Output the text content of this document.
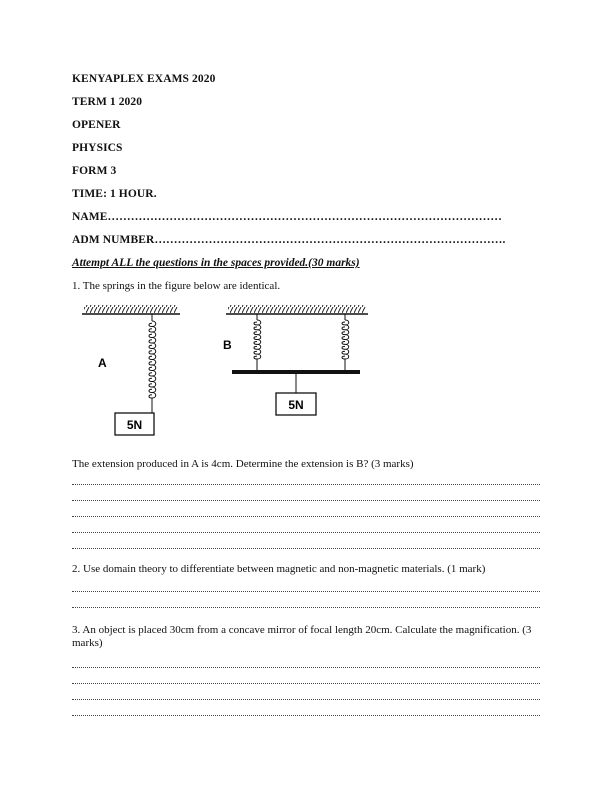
KENYAPLEX EXAMS 2020
TERM 1 2020
OPENER
PHYSICS
FORM 3
TIME: 1 HOUR.
NAME…………………………………………………………………………………………
ADM NUMBER……………………………………………………………………………….
Attempt ALL the questions in the spaces provided.(30 marks)
1. The springs in the figure below are identical.
5N
A
5N
B
The extension produced in A is 4cm. Determine the extension is B? (3 marks)
2. Use domain theory to differentiate between magnetic and non-magnetic materials. (1 mark)
3. An object is placed 30cm from a concave mirror of focal length 20cm. Calculate the magnification. (3 marks)
